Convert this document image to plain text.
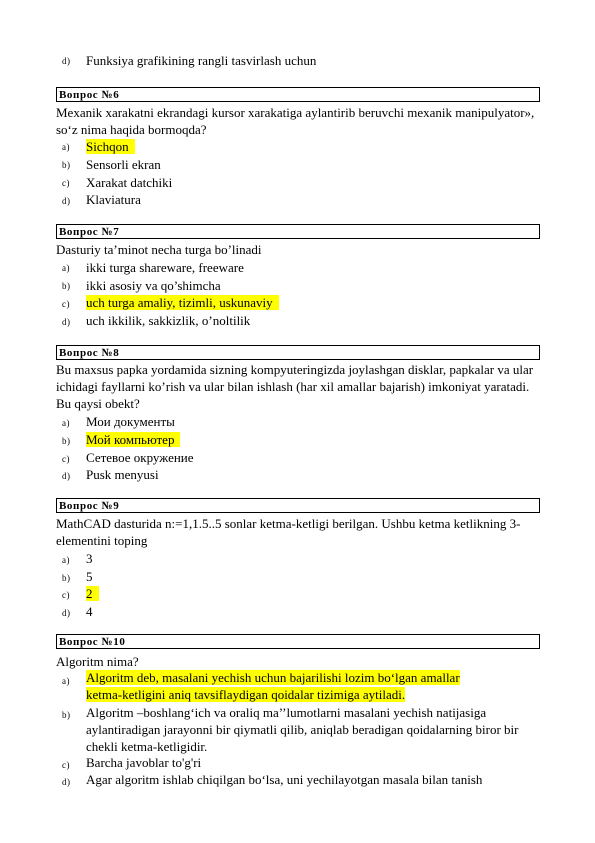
d) Funksiya grafikining rangli tasvirlash uchun
Вопрос №6
Mexanik xarakatni ekrandagi kursor xarakatiga aylantirib beruvchi mexanik manipulyator», so‘z nima haqida bormoqda?
a) Sichqon
b) Sensorli ekran
c) Xarakat datchiki
d) Klaviatura
Вопрос №7
Dasturiy ta’minot necha turga bo’linadi
a) ikki turga shareware, freeware
b) ikki asosiy va qo’shimcha
c) uch turga amaliy, tizimli, uskunaviy
d) uch ikkilik, sakkizlik, o’noltilik
Вопрос №8
Bu maxsus papka yordamida sizning kompyuteringizda joylashgan disklar, papkalar va ular ichidagi fayllarni ko’rish va ular bilan ishlash (har xil amallar bajarish) imkoniyat yaratadi. Bu qaysi obekt?
a) Мои документы
b) Мой компьютер
c) Сетевое окружение
d) Pusk menyusi
Вопрос №9
MathCAD dasturida n:=1,1.5..5 sonlar ketma-ketligi berilgan. Ushbu ketma ketlikning 3-elementini toping
a) 3
b) 5
c) 2
d) 4
Вопрос №10
Algoritm nima?
a) Algoritm deb, masalani yechish uchun bajarilishi lozim bo‘lgan amallar ketma-ketligini aniq tavsiflaydigan qoidalar tizimiga aytiladi.
b) Algoritm –boshlang‘ich va oraliq ma’’lumotlarni masalani yechish natijasiga aylantiradigan jarayonni bir qiymatli qilib, aniqlab beradigan qoidalarning biror bir chekli ketma-ketligidir.
c) Barcha javoblar to'g'ri
d) Agar algoritm ishlab chiqilgan bo‘lsa, uni yechilayotgan masala bilan tanish
